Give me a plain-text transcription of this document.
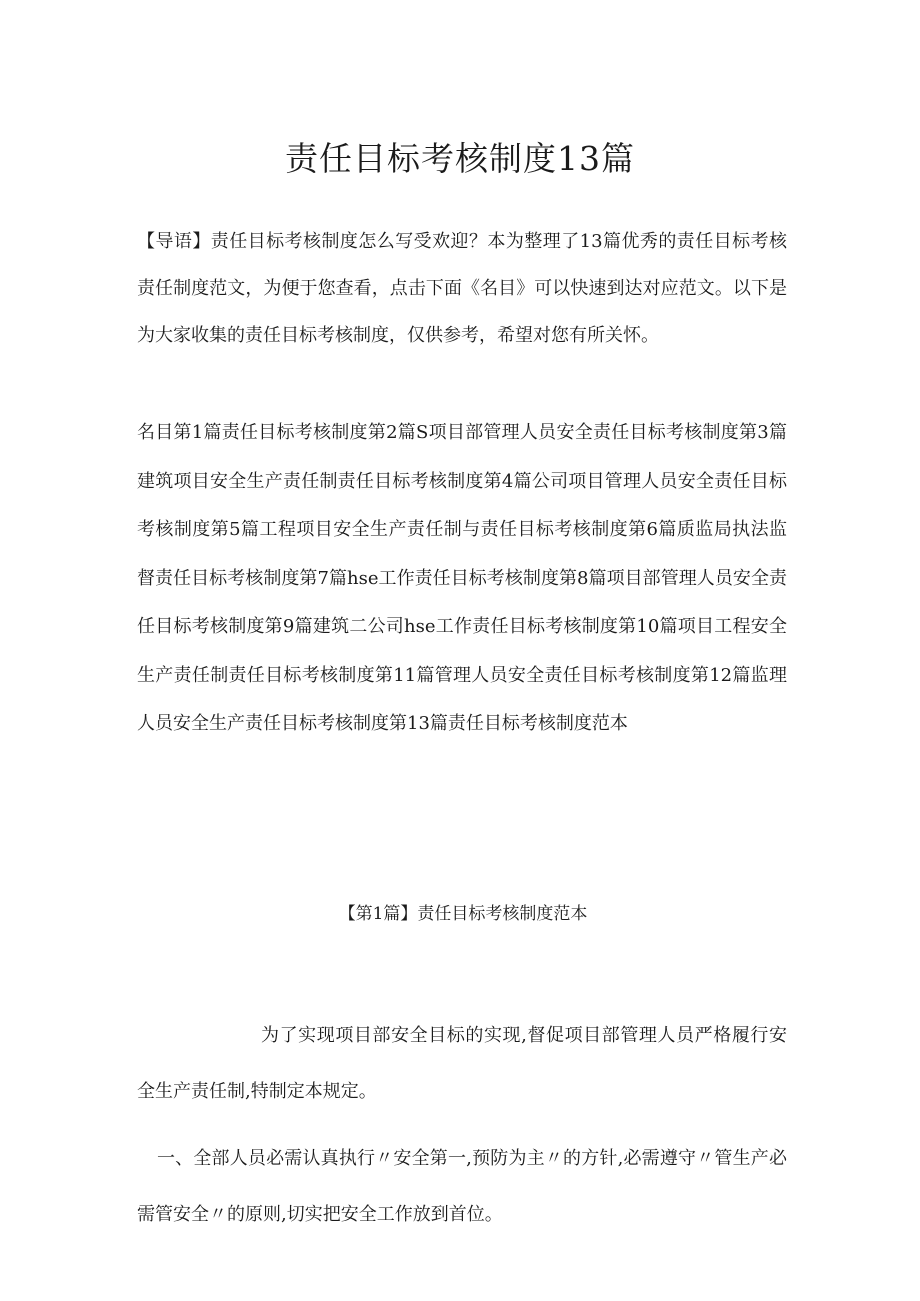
责任目标考核制度13篇

【导语】责任目标考核制度怎么写受欢迎？本为整理了13篇优秀的责任目标考核责任制度范文，为便于您查看，点击下面《名目》可以快速到达对应范文。以下是为大家收集的责任目标考核制度，仅供参考，希望对您有所关怀。

名目第1篇责任目标考核制度第2篇S项目部管理人员安全责任目标考核制度第3篇建筑项目安全生产责任制责任目标考核制度第4篇公司项目管理人员安全责任目标考核制度第5篇工程项目安全生产责任制与责任目标考核制度第6篇质监局执法监督责任目标考核制度第7篇hse工作责任目标考核制度第8篇项目部管理人员安全责任目标考核制度第9篇建筑二公司hse工作责任目标考核制度第10篇项目工程安全生产责任制责任目标考核制度第11篇管理人员安全责任目标考核制度第12篇监理人员安全生产责任目标考核制度第13篇责任目标考核制度范本

【第1篇】责任目标考核制度范本

为了实现项目部安全目标的实现,督促项目部管理人员严格履行安全生产责任制,特制定本规定。

一、全部人员必需认真执行〃安全第一,预防为主〃的方针,必需遵守〃管生产必需管安全〃的原则,切实把安全工作放到首位。
